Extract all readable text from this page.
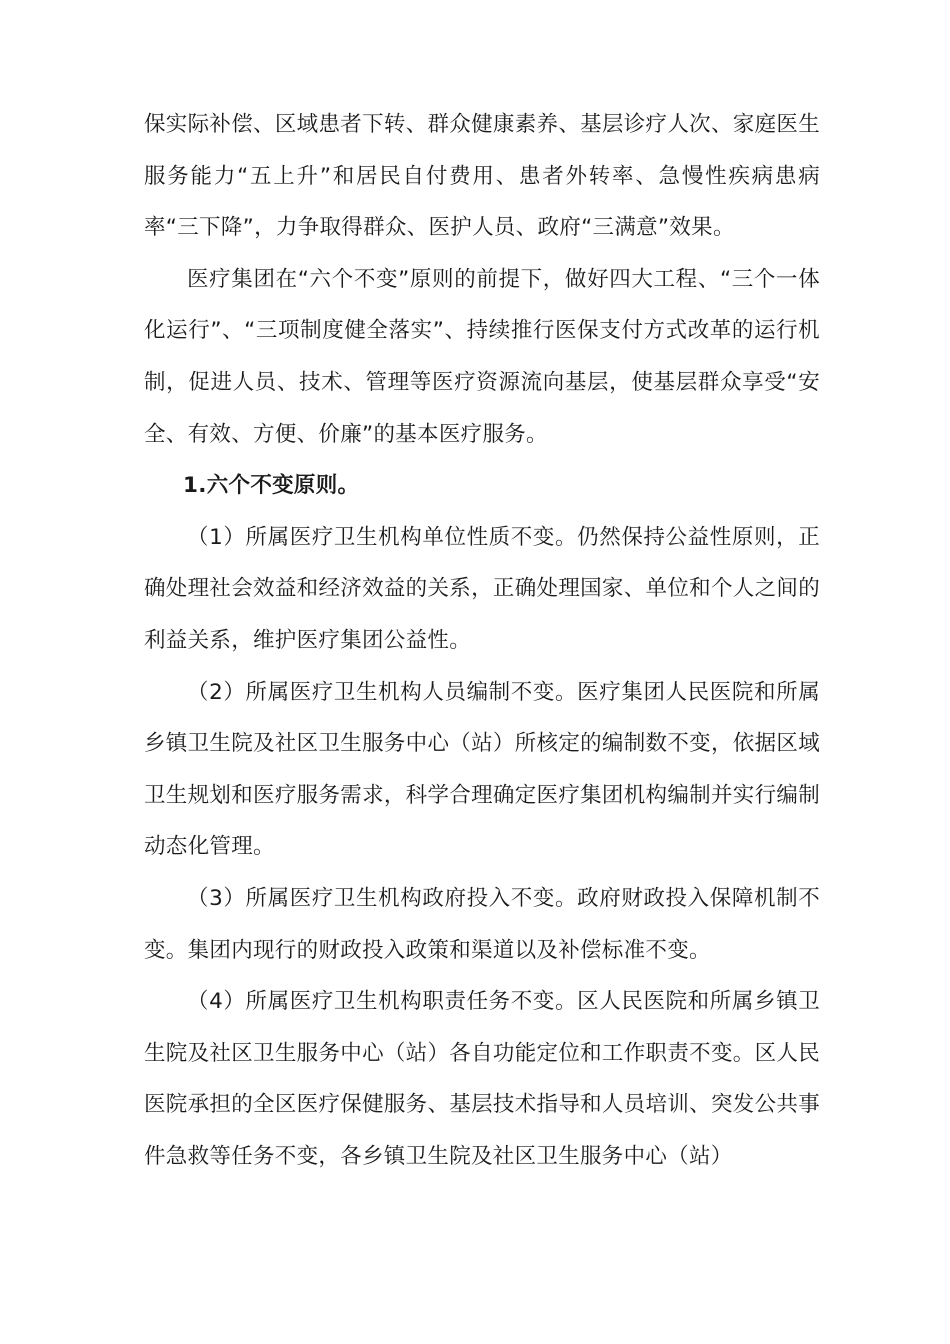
保实际补偿、区域患者下转、群众健康素养、基层诊疗人次、家庭医生服务能力“五上升”和居民自付费用、患者外转率、急慢性疾病患病率“三下降”，力争取得群众、医护人员、政府“三满意”效果。

医疗集团在“六个不变”原则的前提下，做好四大工程、“三个一体化运行”、“三项制度健全落实”、持续推行医保支付方式改革的运行机制，促进人员、技术、管理等医疗资源流向基层，使基层群众享受“安全、有效、方便、价廉”的基本医疗服务。

1.六个不变原则。

（1）所属医疗卫生机构单位性质不变。仍然保持公益性原则，正确处理社会效益和经济效益的关系，正确处理国家、单位和个人之间的利益关系，维护医疗集团公益性。

（2）所属医疗卫生机构人员编制不变。医疗集团人民医院和所属乡镇卫生院及社区卫生服务中心（站）所核定的编制数不变，依据区域卫生规划和医疗服务需求，科学合理确定医疗集团机构编制并实行编制动态化管理。

（3）所属医疗卫生机构政府投入不变。政府财政投入保障机制不变。集团内现行的财政投入政策和渠道以及补偿标准不变。

（4）所属医疗卫生机构职责任务不变。区人民医院和所属乡镇卫生院及社区卫生服务中心（站）各自功能定位和工作职责不变。区人民医院承担的全区医疗保健服务、基层技术指导和人员培训、突发公共事件急救等任务不变，各乡镇卫生院及社区卫生服务中心（站）
